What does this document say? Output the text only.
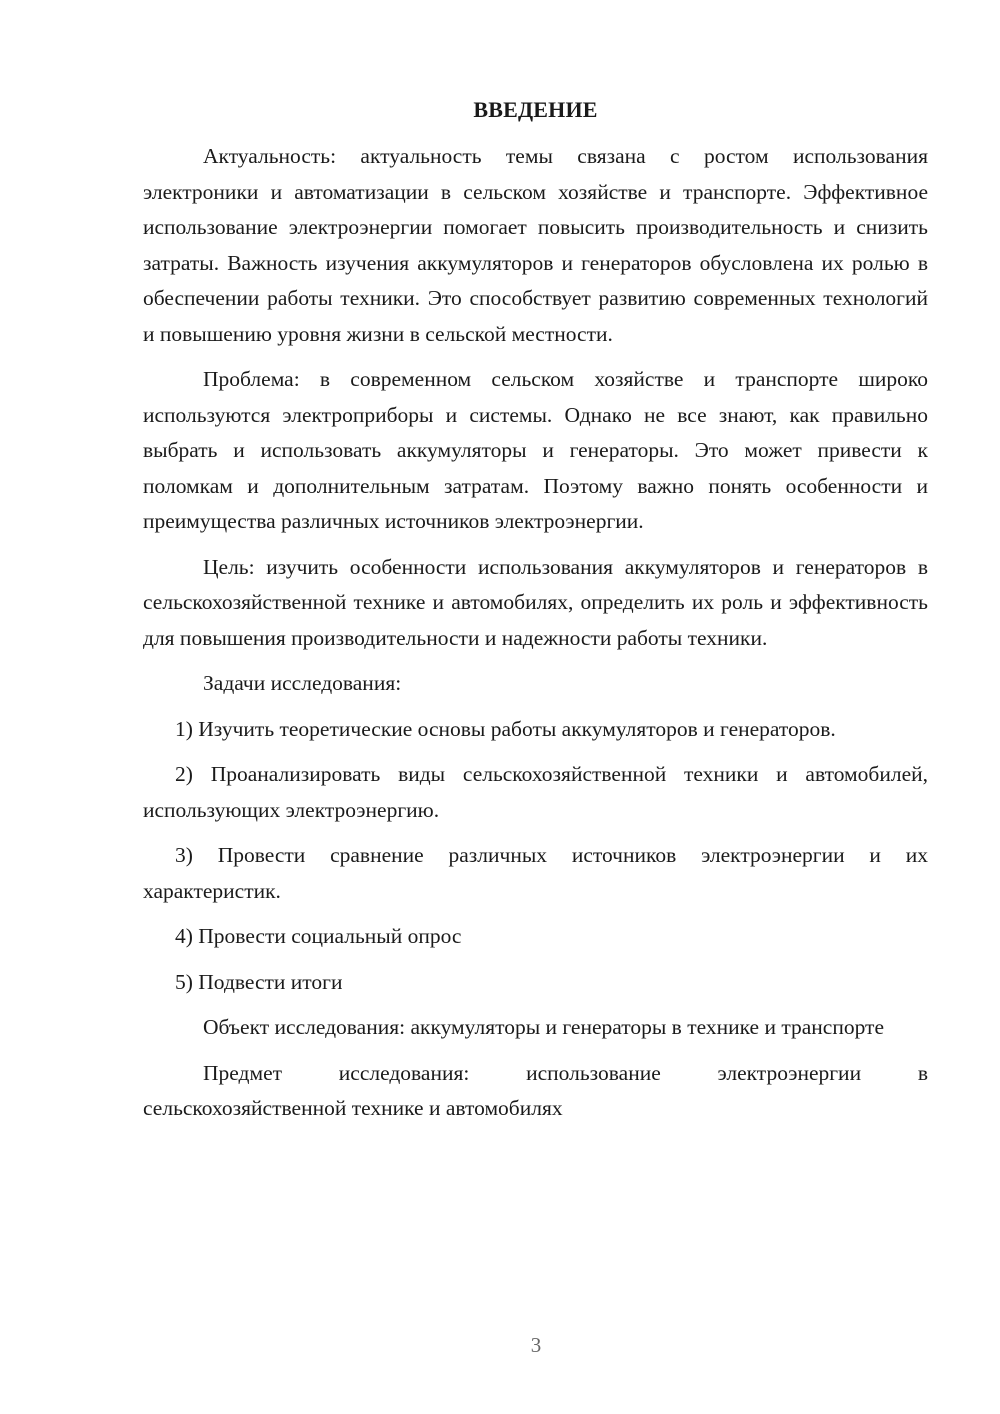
ВВЕДЕНИЕ

Актуальность: актуальность темы связана с ростом использования электроники и автоматизации в сельском хозяйстве и транспорте. Эффективное использование электроэнергии помогает повысить производительность и снизить затраты. Важность изучения аккумуляторов и генераторов обусловлена их ролью в обеспечении работы техники. Это способствует развитию современных технологий и повышению уровня жизни в сельской местности.

Проблема: в современном сельском хозяйстве и транспорте широко используются электроприборы и системы. Однако не все знают, как правильно выбрать и использовать аккумуляторы и генераторы. Это может привести к поломкам и дополнительным затратам. Поэтому важно понять особенности и преимущества различных источников электроэнергии.

Цель: изучить особенности использования аккумуляторов и генераторов в сельскохозяйственной технике и автомобилях, определить их роль и эффективность для повышения производительности и надежности работы техники.

Задачи исследования:

1) Изучить теоретические основы работы аккумуляторов и генераторов.

2) Проанализировать виды сельскохозяйственной техники и автомобилей, использующих электроэнергию.

3) Провести сравнение различных источников электроэнергии и их характеристик.

4) Провести социальный опрос

5) Подвести итоги

Объект исследования: аккумуляторы и генераторы в технике и транспорте

Предмет исследования: использование электроэнергии в сельскохозяйственной технике и автомобилях

3
